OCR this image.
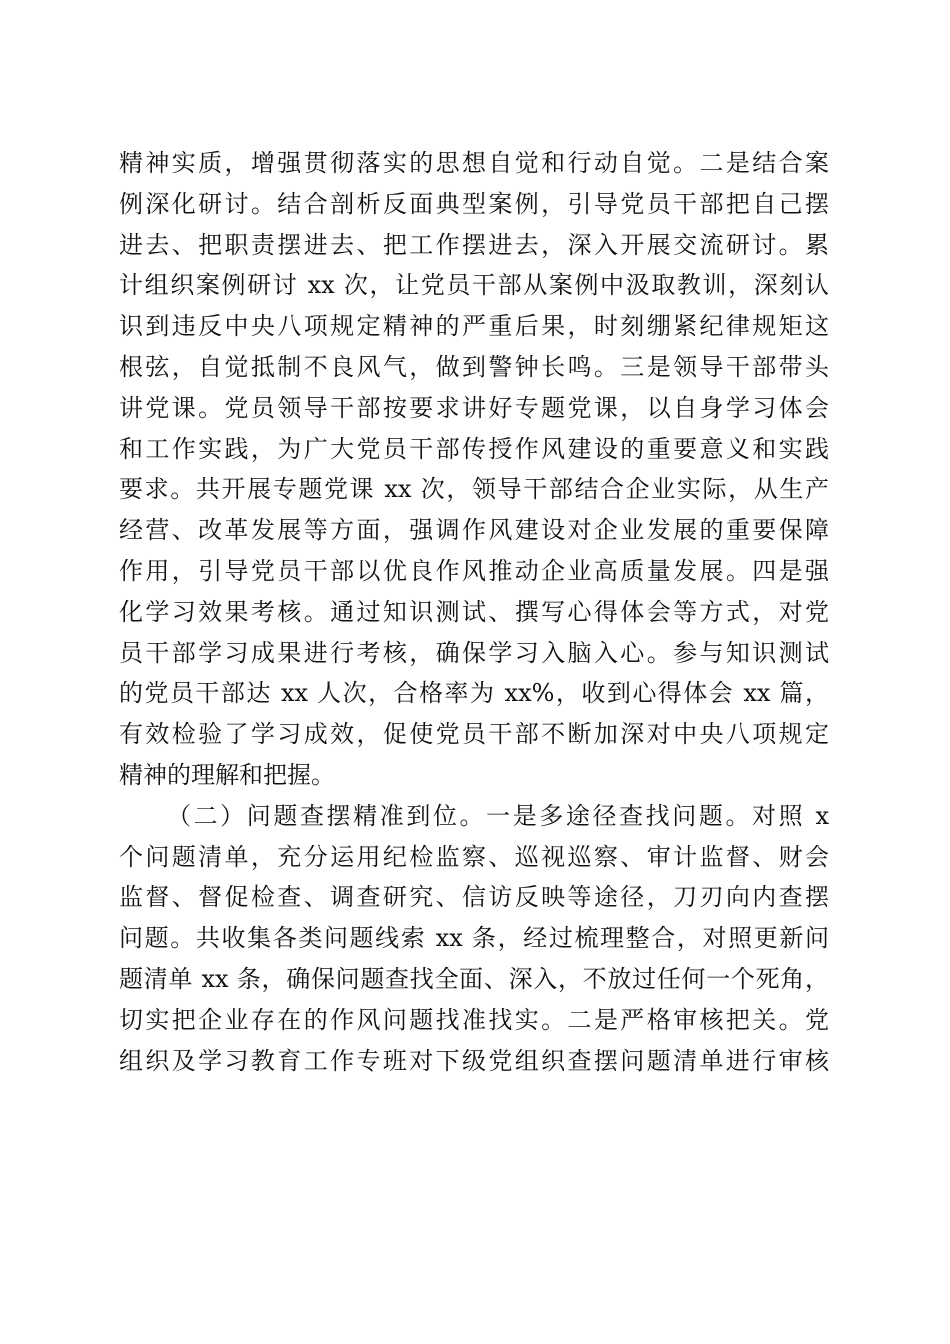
精神实质，增强贯彻落实的思想自觉和行动自觉。二是结合案
例深化研讨。结合剖析反面典型案例，引导党员干部把自己摆
进去、把职责摆进去、把工作摆进去，深入开展交流研讨。累
计组织案例研讨 xx 次，让党员干部从案例中汲取教训，深刻认
识到违反中央八项规定精神的严重后果，时刻绷紧纪律规矩这
根弦，自觉抵制不良风气，做到警钟长鸣。三是领导干部带头
讲党课。党员领导干部按要求讲好专题党课，以自身学习体会
和工作实践，为广大党员干部传授作风建设的重要意义和实践
要求。共开展专题党课 xx 次，领导干部结合企业实际，从生产
经营、改革发展等方面，强调作风建设对企业发展的重要保障
作用，引导党员干部以优良作风推动企业高质量发展。四是强
化学习效果考核。通过知识测试、撰写心得体会等方式，对党
员干部学习成果进行考核，确保学习入脑入心。参与知识测试
的党员干部达 xx 人次，合格率为 xx%，收到心得体会 xx 篇，
有效检验了学习成效，促使党员干部不断加深对中央八项规定
精神的理解和把握。
（二）问题查摆精准到位。一是多途径查找问题。对照 x
个问题清单，充分运用纪检监察、巡视巡察、审计监督、财会
监督、督促检查、调查研究、信访反映等途径，刀刃向内查摆
问题。共收集各类问题线索 xx 条，经过梳理整合，对照更新问
题清单 xx 条，确保问题查找全面、深入，不放过任何一个死角，
切实把企业存在的作风问题找准找实。二是严格审核把关。党
组织及学习教育工作专班对下级党组织查摆问题清单进行审核
